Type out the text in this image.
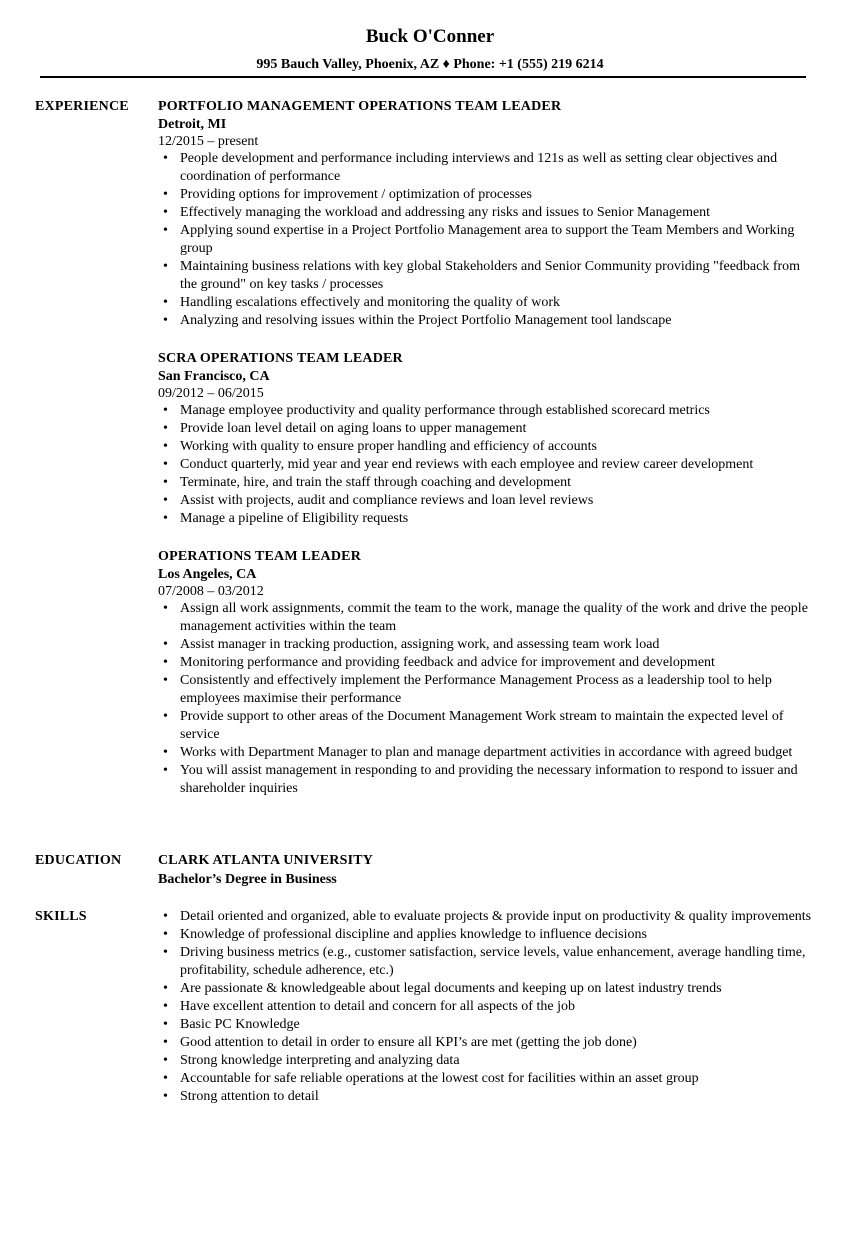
Buck O'Conner
995 Bauch Valley, Phoenix, AZ ♦ Phone: +1 (555) 219 6214
EXPERIENCE PORTFOLIO MANAGEMENT OPERATIONS TEAM LEADER
Detroit, MI
12/2015 – present
• People development and performance including interviews and 121s as well as setting clear objectives and coordination of performance
• Providing options for improvement / optimization of processes
• Effectively managing the workload and addressing any risks and issues to Senior Management
• Applying sound expertise in a Project Portfolio Management area to support the Team Members and Working group
• Maintaining business relations with key global Stakeholders and Senior Community providing "feedback from the ground" on key tasks / processes
• Handling escalations effectively and monitoring the quality of work
• Analyzing and resolving issues within the Project Portfolio Management tool landscape
SCRA OPERATIONS TEAM LEADER
San Francisco, CA
09/2012 – 06/2015
• Manage employee productivity and quality performance through established scorecard metrics
• Provide loan level detail on aging loans to upper management
• Working with quality to ensure proper handling and efficiency of accounts
• Conduct quarterly, mid year and year end reviews with each employee and review career development
• Terminate, hire, and train the staff through coaching and development
• Assist with projects, audit and compliance reviews and loan level reviews
• Manage a pipeline of Eligibility requests
OPERATIONS TEAM LEADER
Los Angeles, CA
07/2008 – 03/2012
• Assign all work assignments, commit the team to the work, manage the quality of the work and drive the people management activities within the team
• Assist manager in tracking production, assigning work, and assessing team work load
• Monitoring performance and providing feedback and advice for improvement and development
• Consistently and effectively implement the Performance Management Process as a leadership tool to help employees maximise their performance
• Provide support to other areas of the Document Management Work stream to maintain the expected level of service
• Works with Department Manager to plan and manage department activities in accordance with agreed budget
• You will assist management in responding to and providing the necessary information to respond to issuer and shareholder inquiries
EDUCATION	CLARK ATLANTA UNIVERSITY
Bachelor’s Degree in Business
SKILLS
•	Detail oriented and organized, able to evaluate projects & provide input on productivity & quality improvements
• Knowledge of professional discipline and applies knowledge to influence decisions
• Driving business metrics (e.g., customer satisfaction, service levels, value enhancement, average handling time, profitability, schedule adherence, etc.)
• Are passionate & knowledgeable about legal documents and keeping up on latest industry trends
• Have excellent attention to detail and concern for all aspects of the job
• Basic PC Knowledge
• Good attention to detail in order to ensure all KPI’s are met (getting the job done)
• Strong knowledge interpreting and analyzing data
• Accountable for safe reliable operations at the lowest cost for facilities within an asset group
• Strong attention to detail
